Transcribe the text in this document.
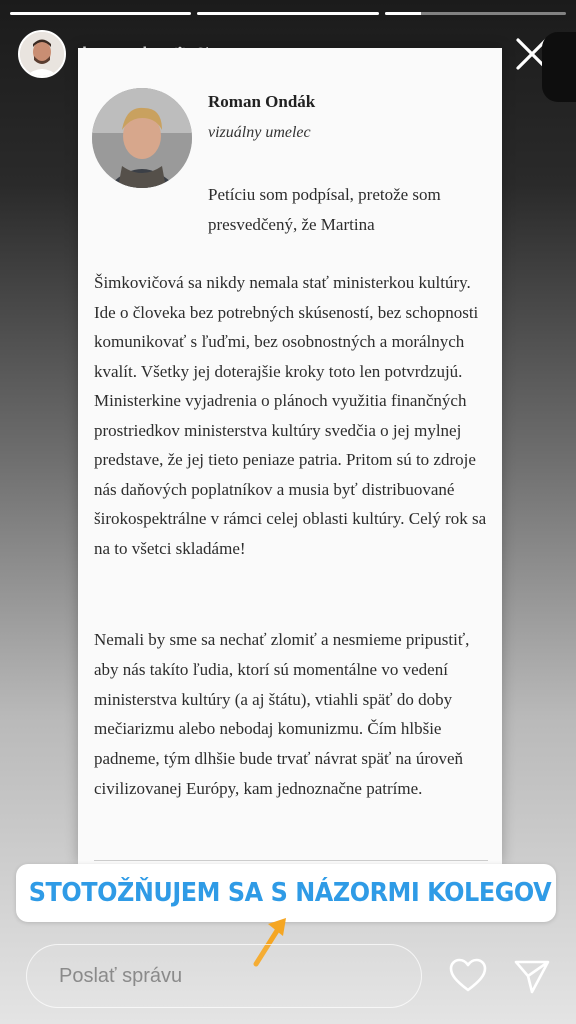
Roman Ondák
vizuálny umelec

Petíciu som podpísal, pretože som
presvedčený, že Martina

Šimkovičová sa nikdy nemala stať ministerkou kultúry. Ide o človeka bez potrebných skúseností, bez schopnosti komunikovať s ľuďmi, bez osobnostných a morálnych kvalít. Všetky jej doterajšie kroky toto len potvrdzujú. Ministerkine vyjadrenia o plánoch využitia finančných prostriedkov ministerstva kultúry svedčia o jej mylnej predstave, že jej tieto peniaze patria. Pritom sú to zdroje nás daňových poplatníkov a musia byť distribuované širokospektrálne v rámci celej oblasti kultúry. Celý rok sa na to všetci skladáme!

Nemali by sme sa nechať zlomiť a nesmieme pripustiť, aby nás takíto ľudia, ktorí sú momentálne vo vedení ministerstva kultúry (a aj štátu), vtiahli späť do doby mečiarizmu alebo nebodaj komunizmu. Čím hlbšie padneme, tým dlhšie bude trvať návrat späť na úroveň civilizovanej Európy, kam jednoznačne patríme.

STOTOŽŇUJEM SA S NÁZORMI KOLEGOV
Poslať správu
